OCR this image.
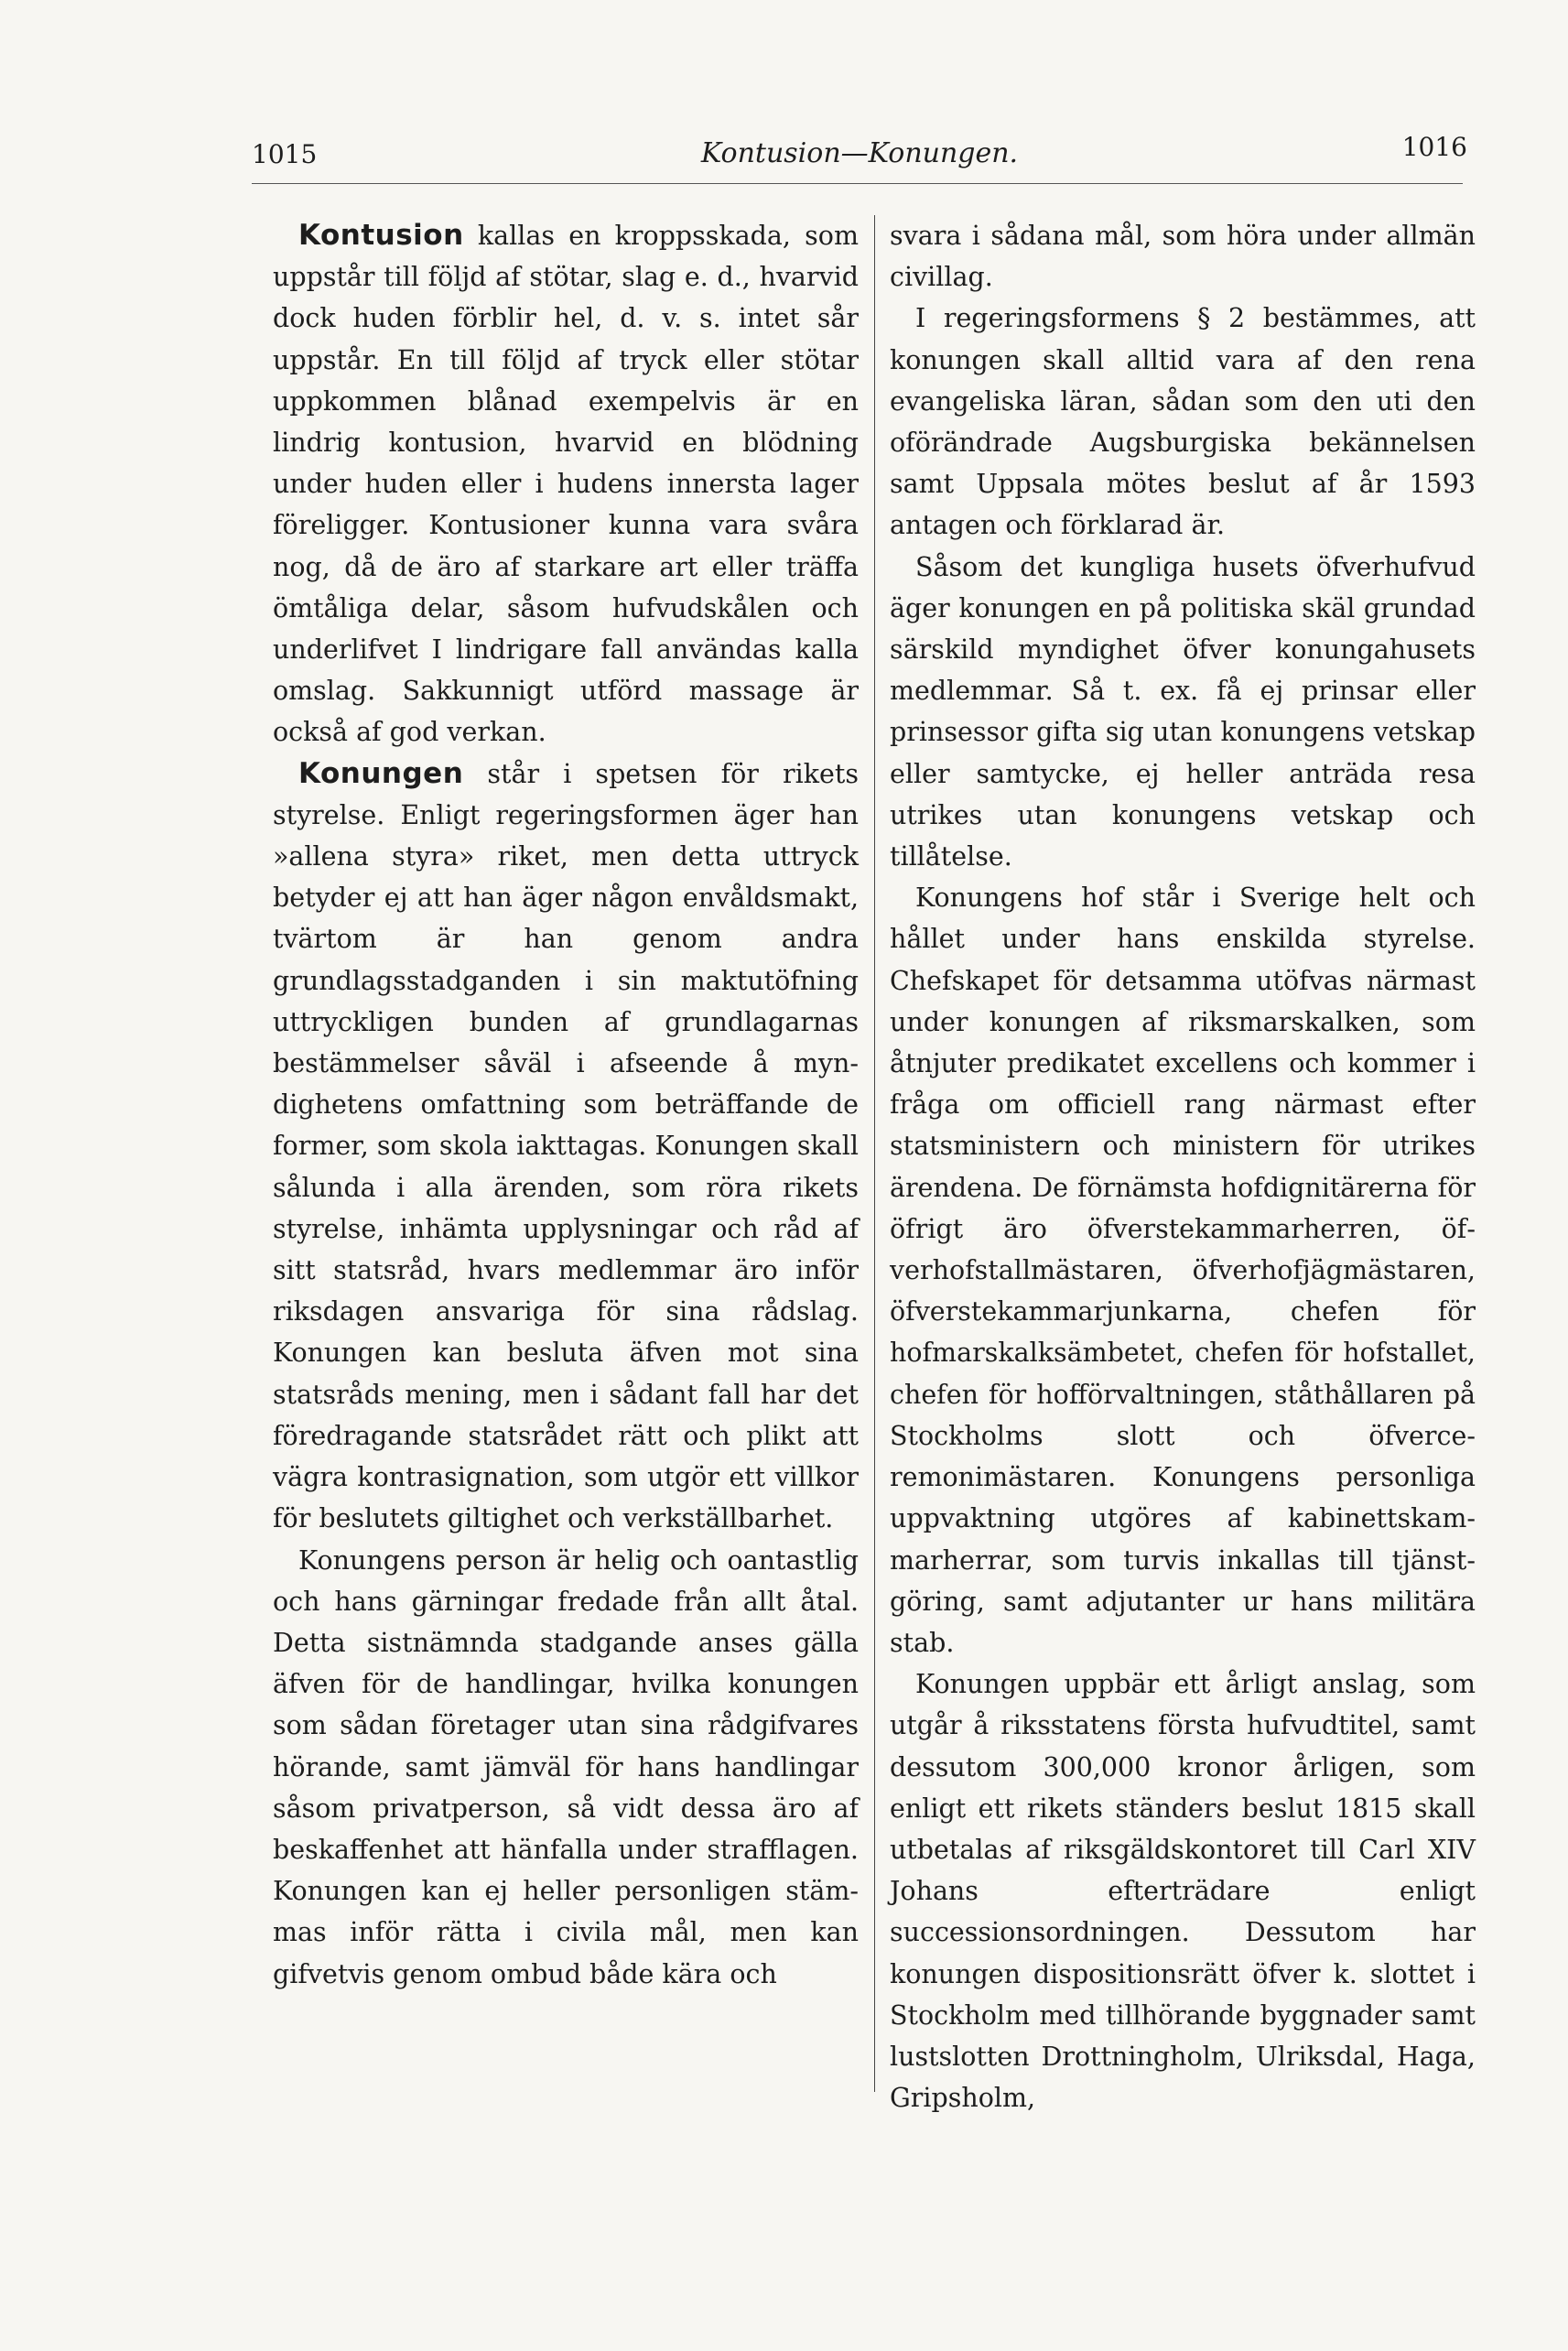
1015	Kontusion—Konungen.	1016

Kontusion kallas en kroppsskada, som uppstår till följd af stötar, slag e. d., hvarvid dock huden förblir hel, d. v. s. intet sår uppstår. En till följd af tryck eller stötar uppkommen blånad exempelvis är en lindrig kontusion, hvarvid en blödning under huden eller i hudens innersta lager föreligger. Kontusioner kunna vara svåra nog, då de äro af starkare art eller träffa ömtåliga delar, såsom hufvudskålen och underlifvet I lindrigare fall användas kalla omslag. Sakkunnigt utförd massage är också af god verkan.

Konungen står i spetsen för rikets styrelse. Enligt regeringsformen äger han »allena styra» riket, men detta uttryck betyder ej att han äger någon envåldsmakt, tvärtom är han genom andra grundlagsstadganden i sin maktutöfning uttryckligen bunden af grundlagarnas bestämmelser såväl i afseende å myndighetens omfattning som beträffande de former, som skola iakttagas. Konungen skall sålunda i alla ärenden, som röra rikets styrelse, inhämta upplysningar och råd af sitt statsråd, hvars medlemmar äro inför riksdagen ansvariga för sina rådslag. Konungen kan besluta äfven mot sina statsråds mening, men i sådant fall har det föredragande statsrådet rätt och plikt att vägra kontrasignation, som utgör ett villkor för beslutets giltighet och verkställbarhet.

Konungens person är helig och oantastlig och hans gärningar fredade från allt åtal. Detta sistnämnda stadgande anses gälla äfven för de handlingar, hvilka konungen som sådan företager utan sina rådgifvares hörande, samt jämväl för hans handlingar såsom privatperson, så vidt dessa äro af beskaffenhet att hänfalla under strafflagen. Konungen kan ej heller personligen stämmas inför rätta i civila mål, men kan gifvetvis genom ombud både kära och

svara i sådana mål, som höra under allmän civillag.

I regeringsformens § 2 bestämmes, att konungen skall alltid vara af den rena evangeliska läran, sådan som den uti den oförändrade Augsburgiska bekännelsen samt Uppsala mötes beslut af år 1593 antagen och förklarad är.

Såsom det kungliga husets öfverhufvud äger konungen en på politiska skäl grundad särskild myndighet öfver konungahusets medlemmar. Så t. ex. få ej prinsar eller prinsessor gifta sig utan konungens vetskap eller samtycke, ej heller anträda resa utrikes utan konungens vetskap och tillåtelse.

Konungens hof står i Sverige helt och hållet under hans enskilda styrelse. Chefskapet för detsamma utöfvas närmast under konungen af riksmarskalken, som åtnjuter predikatet excellens och kommer i fråga om officiell rang närmast efter statsministern och ministern för utrikes ärendena. De förnämsta hofdignitärerna för öfrigt äro öfverstekammarherren, öfverhofstallmästaren, öfverhofjägmästaren, öfverstekammarjunkarna, chefen för hofmarskalksämbetet, chefen för hofstallet, chefen för hofförvaltningen, ståthållaren på Stockholms slott och öfverceremonimästaren. Konungens personliga uppvaktning utgöres af kabinettskammarherrar, som turvis inkallas till tjänstgöring, samt adjutanter ur hans militära stab.

Konungen uppbär ett årligt anslag, som utgår å riksstatens första hufvudtitel, samt dessutom 300,000 kronor årligen, som enligt ett rikets ständers beslut 1815 skall utbetalas af riksgäldskontoret till Carl XIV Johans efterträdare enligt successionsordningen. Dessutom har konungen dispositionsrätt öfver k. slottet i Stockholm med tillhörande byggnader samt lustslotten Drottningholm, Ulriksdal, Haga, Gripsholm,
